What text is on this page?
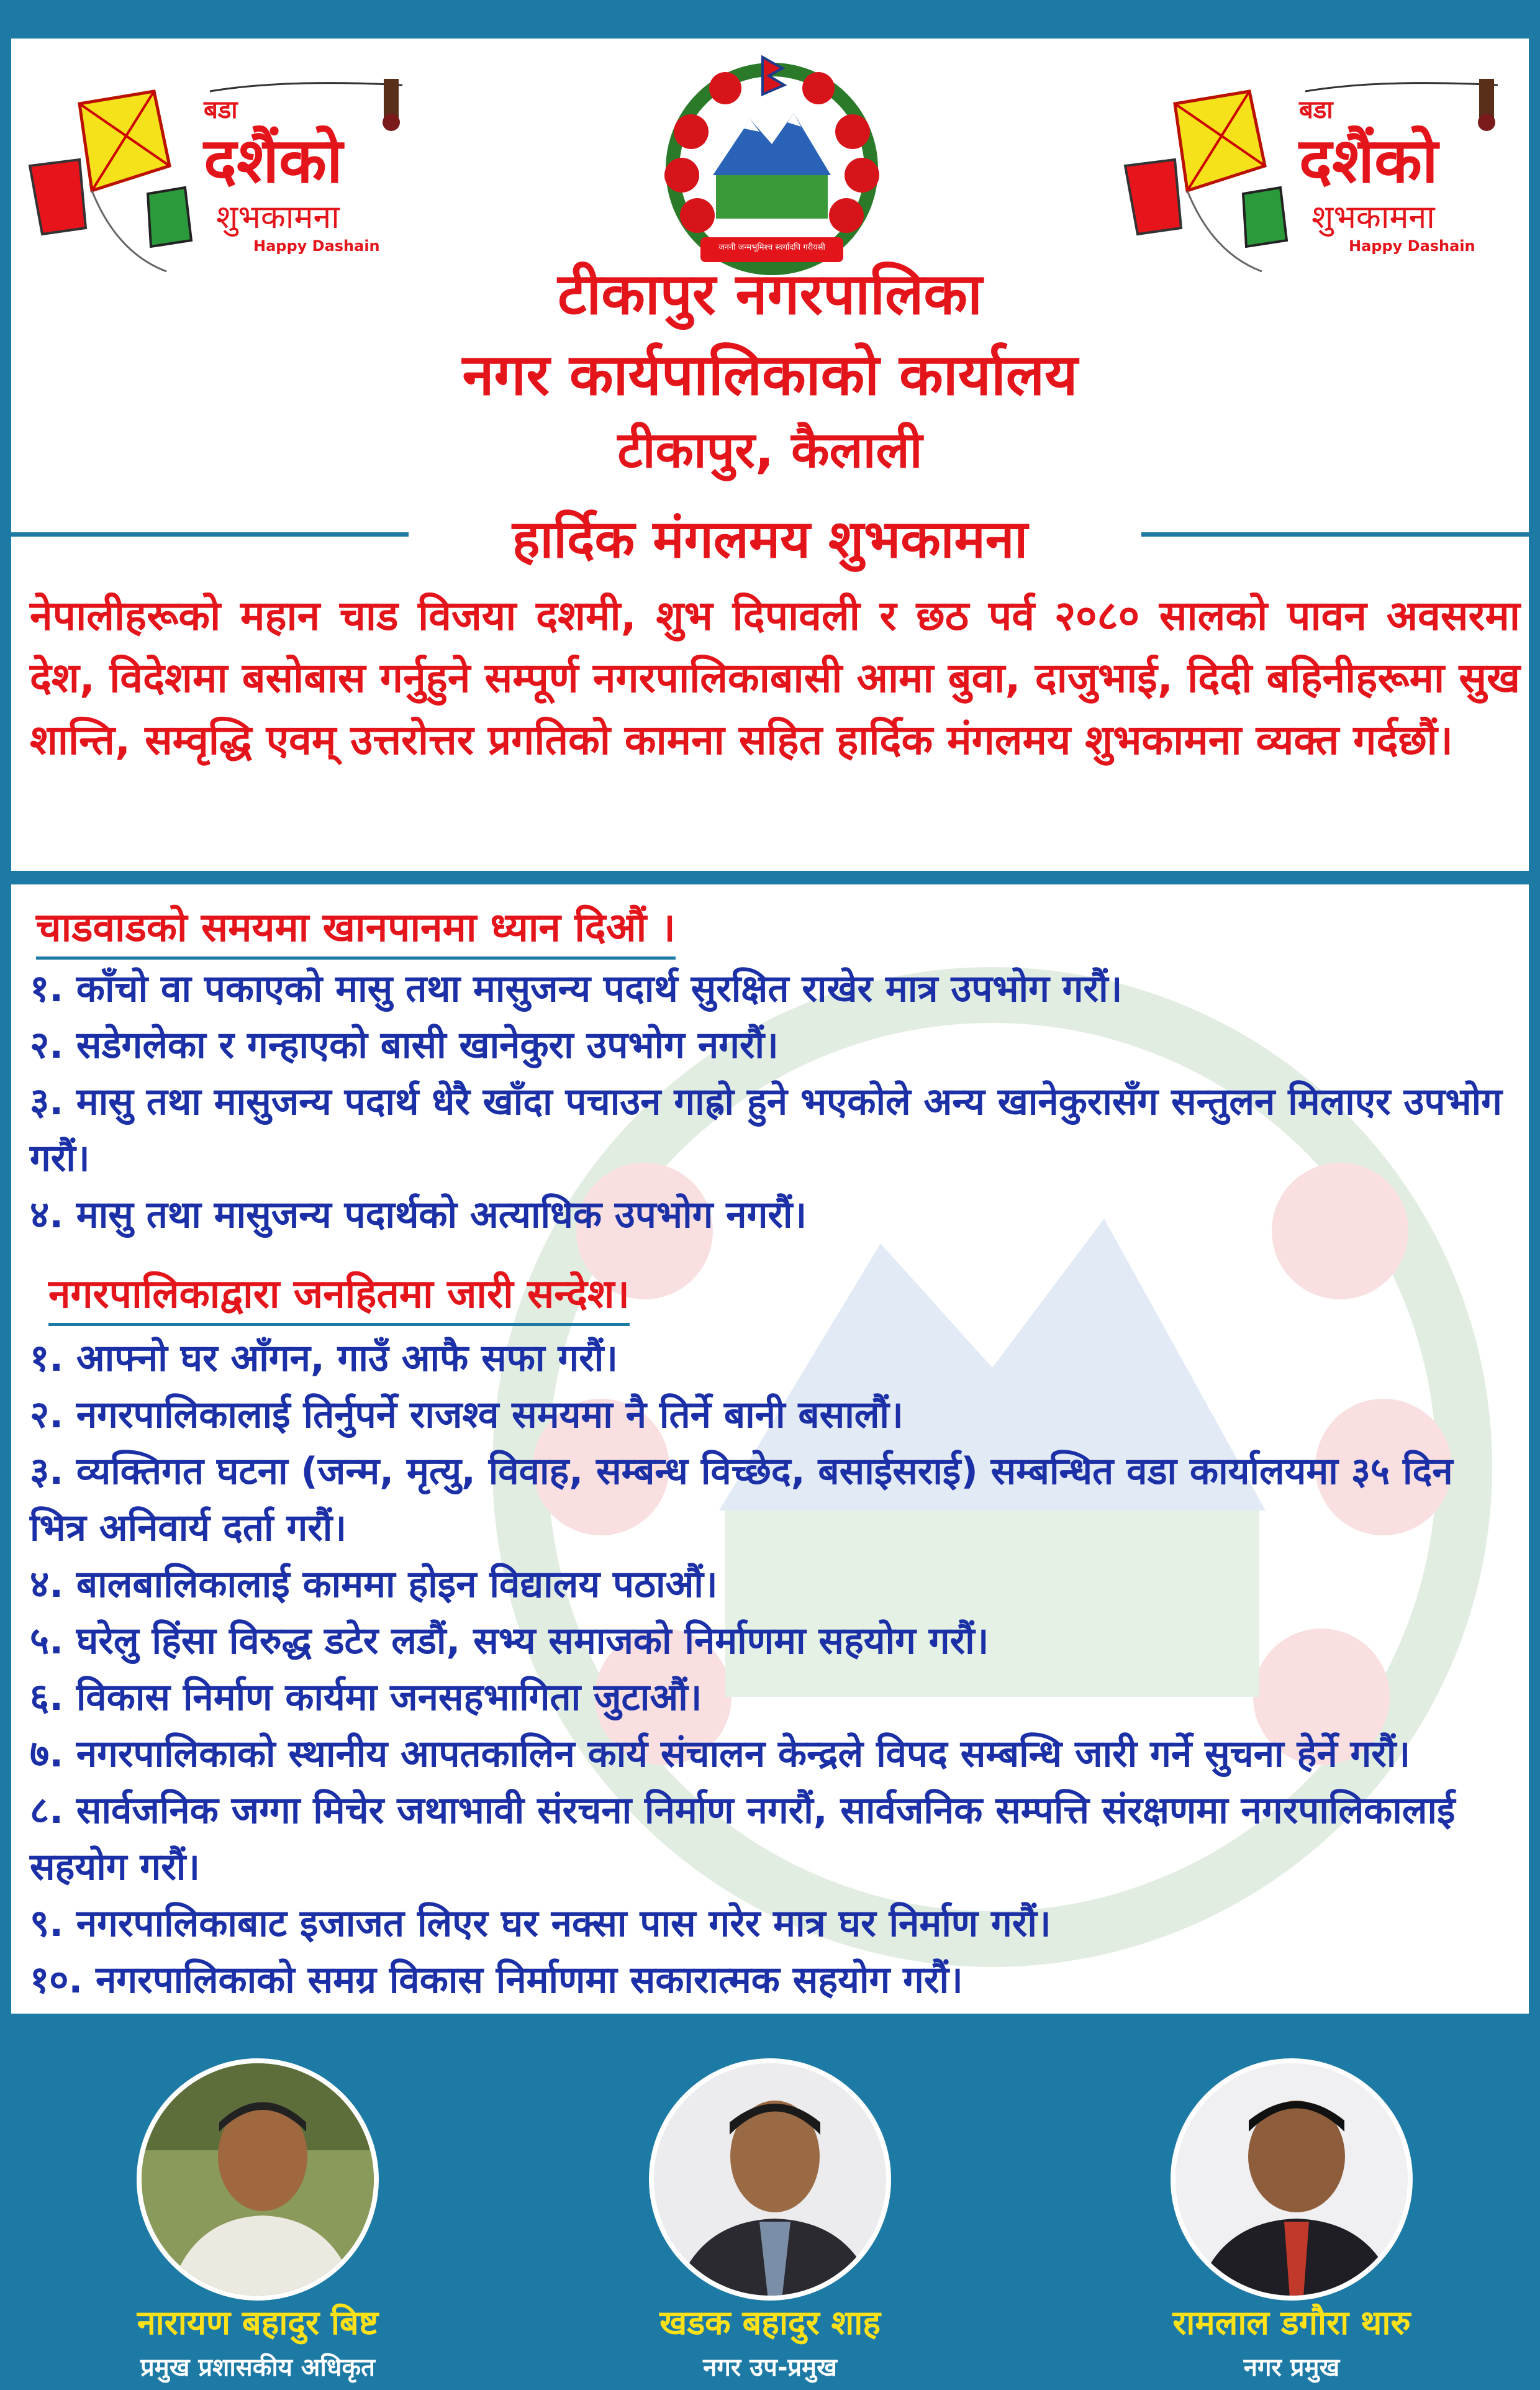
बडा
दशैंको
शुभकामना
Happy Dashain	जननी जन्मभूमिश्च स्वर्गादपि गरीयसी
बडा
दशैंको
शुभकामना
Happy Dashain
टीकापुर नगरपालिका
नगर कार्यपालिकाको कार्यालय
टीकापुर, कैलाली
हार्दिक मंगलमय शुभकामना
नेपालीहरूको महान चाड विजया दशमी, शुभ दिपावली र छठ पर्व २०८० सालको पावन अवसरमा देश, विदेशमा बसोबास गर्नुहुने सम्पूर्ण नगरपालिकाबासी आमा बुवा, दाजुभाई, दिदी बहिनीहरूमा सुख शान्ति, सम्वृद्धि एवम् उत्तरोत्तर प्रगतिको कामना सहित हार्दिक मंगलमय शुभकामना व्यक्त गर्दछौं।
चाडवाडको समयमा खानपानमा ध्यान दिऔं ।
१. काँचो वा पकाएको मासु तथा मासुजन्य पदार्थ सुरक्षित राखेर मात्र उपभोग गरौं।
२. सडेगलेका र गन्हाएको बासी खानेकुरा उपभोग नगरौं।
३. मासु तथा मासुजन्य पदार्थ धेरै खाँदा पचाउन गाह्रो हुने भएकोले अन्य खानेकुरासँग सन्तुलन मिलाएर उपभोग गरौं।
४. मासु तथा मासुजन्य पदार्थको अत्याधिक उपभोग नगरौं।
नगरपालिकाद्वारा जनहितमा जारी सन्देश।
१. आफ्नो घर आँगन, गाउँ आफै सफा गरौं।
२. नगरपालिकालाई तिर्नुपर्ने राजश्व समयमा नै तिर्ने बानी बसालौं।
३. व्यक्तिगत घटना (जन्म, मृत्यु, विवाह, सम्बन्ध विच्छेद, बसाईसराई) सम्बन्धित वडा कार्यालयमा ३५ दिन भित्र अनिवार्य दर्ता गरौं।
४. बालबालिकालाई काममा होइन विद्यालय पठाऔं।
५. घरेलु हिंसा विरुद्ध डटेर लडौं, सभ्य समाजको निर्माणमा सहयोग गरौं।
६. विकास निर्माण कार्यमा जनसहभागिता जुटाऔं।
७. नगरपालिकाको स्थानीय आपतकालिन कार्य संचालन केन्द्रले विपद सम्बन्धि जारी गर्ने सुचना हेर्ने गरौं।
८. सार्वजनिक जग्गा मिचेर जथाभावी संरचना निर्माण नगरौं, सार्वजनिक सम्पत्ति संरक्षणमा नगरपालिकालाई सहयोग गरौं।
९. नगरपालिकाबाट इजाजत लिएर घर नक्सा पास गरेर मात्र घर निर्माण गरौं।
१०. नगरपालिकाको समग्र विकास निर्माणमा सकारात्मक सहयोग गरौं।
नारायण बहादुर बिष्ट
प्रमुख प्रशासकीय अधिकृत
खडक बहादुर शाह
नगर उप-प्रमुख
रामलाल डगौरा थारु
नगर प्रमुख
